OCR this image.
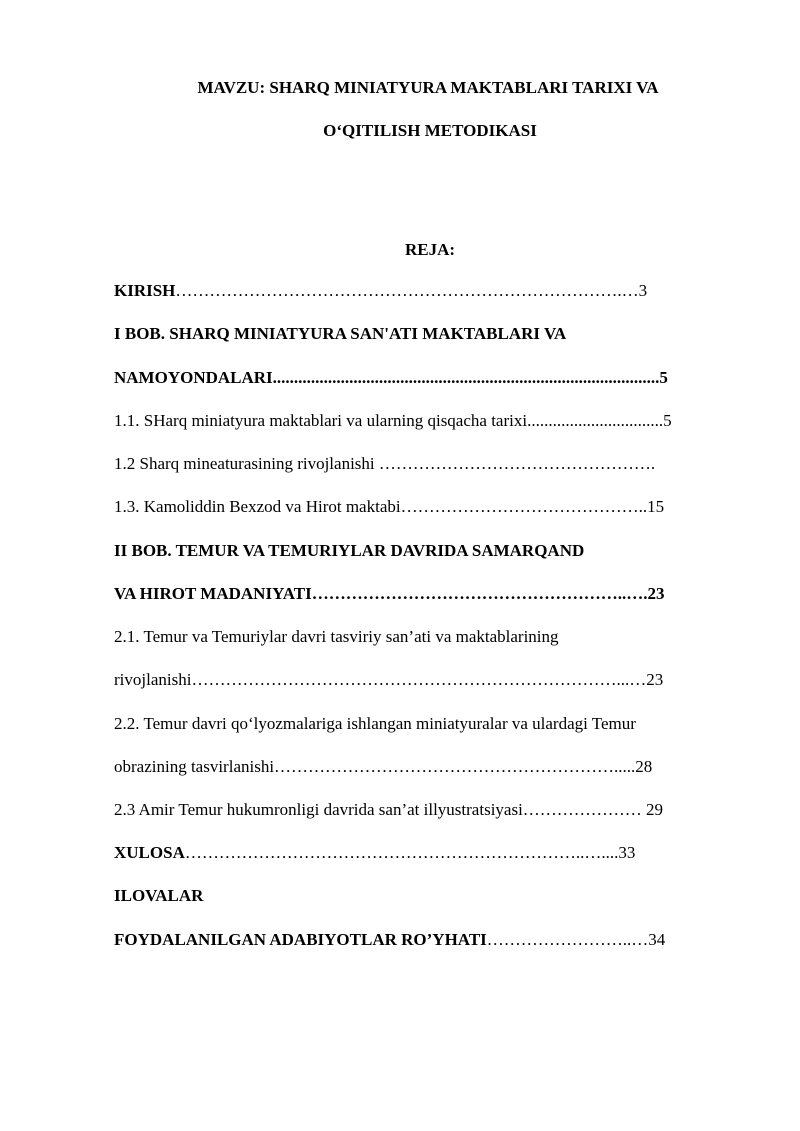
MAVZU: SHARQ MINIATYURA MAKTABLARI TARIXI VA
O‘QITILISH METODIKASI
REJA:
KIRISH…………………………………………………………………….…3
I BOB. SHARQ MINIATYURA SAN'ATI MAKTABLARI VA
NAMOYONDALARI...........................................................................................5
1.1. SHarq miniatyura maktablari va ularning qisqacha tarixi................................5
1.2 Sharq mineaturasining rivojlanishi ………………………………………….
1.3. Kamoliddin Bexzod va Hirot maktabi……………………………………..15
II BOB. TEMUR VA TEMURIYLAR DAVRIDA SAMARQAND
VA HIROT MADANIYATI………………………………………………..….23
2.1. Temur va Temuriylar davri tasviriy san’ati va maktablarining
rivojlanishi…………………………………………………………………...…23
2.2. Temur davri qo‘lyozmalariga ishlangan miniatyuralar va ulardagi Temur
obrazining tasvirlanishi…………………………………………………….....28
2.3 Amir Temur hukumronligi davrida san’at illyustratsiyasi………………… 29
XULOSA……………………………………………………………..…....33
ILOVALAR
FOYDALANILGAN ADABIYOTLAR RO’YHATI……………………..…34
